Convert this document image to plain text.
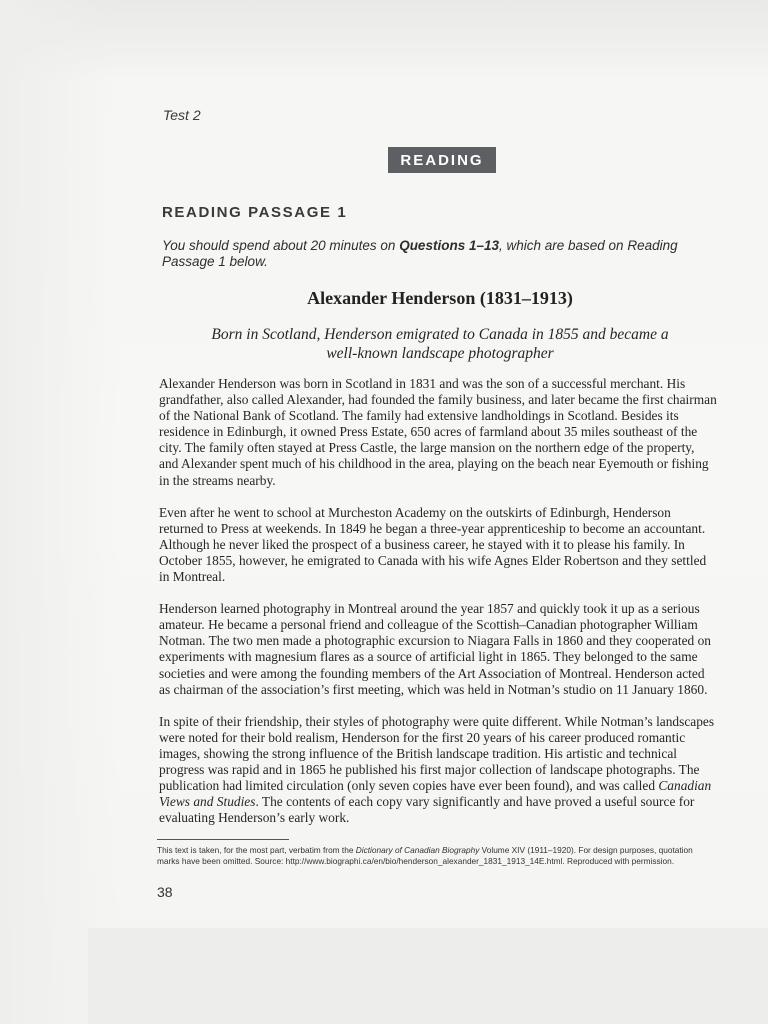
Test 2
READING
READING PASSAGE 1
You should spend about 20 minutes on Questions 1–13, which are based on Reading Passage 1 below.
Alexander Henderson (1831–1913)
Born in Scotland, Henderson emigrated to Canada in 1855 and became a
well-known landscape photographer

Alexander Henderson was born in Scotland in 1831 and was the son of a successful merchant. His grandfather, also called Alexander, had founded the family business, and later became the first chairman of the National Bank of Scotland. The family had extensive landholdings in Scotland. Besides its residence in Edinburgh, it owned Press Estate, 650 acres of farmland about 35 miles southeast of the city. The family often stayed at Press Castle, the large mansion on the northern edge of the property, and Alexander spent much of his childhood in the area, playing on the beach near Eyemouth or fishing in the streams nearby.

Even after he went to school at Murcheston Academy on the outskirts of Edinburgh, Henderson returned to Press at weekends. In 1849 he began a three-year apprenticeship to become an accountant. Although he never liked the prospect of a business career, he stayed with it to please his family. In October 1855, however, he emigrated to Canada with his wife Agnes Elder Robertson and they settled in Montreal.

Henderson learned photography in Montreal around the year 1857 and quickly took it up as a serious amateur. He became a personal friend and colleague of the Scottish–Canadian photographer William Notman. The two men made a photographic excursion to Niagara Falls in 1860 and they cooperated on experiments with magnesium flares as a source of artificial light in 1865. They belonged to the same societies and were among the founding members of the Art Association of Montreal. Henderson acted as chairman of the association’s first meeting, which was held in Notman’s studio on 11 January 1860.

In spite of their friendship, their styles of photography were quite different. While Notman’s landscapes were noted for their bold realism, Henderson for the first 20 years of his career produced romantic images, showing the strong influence of the British landscape tradition. His artistic and technical progress was rapid and in 1865 he published his first major collection of landscape photographs. The publication had limited circulation (only seven copies have ever been found), and was called Canadian Views and Studies. The contents of each copy vary significantly and have proved a useful source for evaluating Henderson’s early work.

This text is taken, for the most part, verbatim from the Dictionary of Canadian Biography Volume XIV (1911–1920). For design purposes, quotation marks have been omitted. Source: http://www.biographi.ca/en/bio/henderson_alexander_1831_1913_14E.html. Reproduced with permission.
38
